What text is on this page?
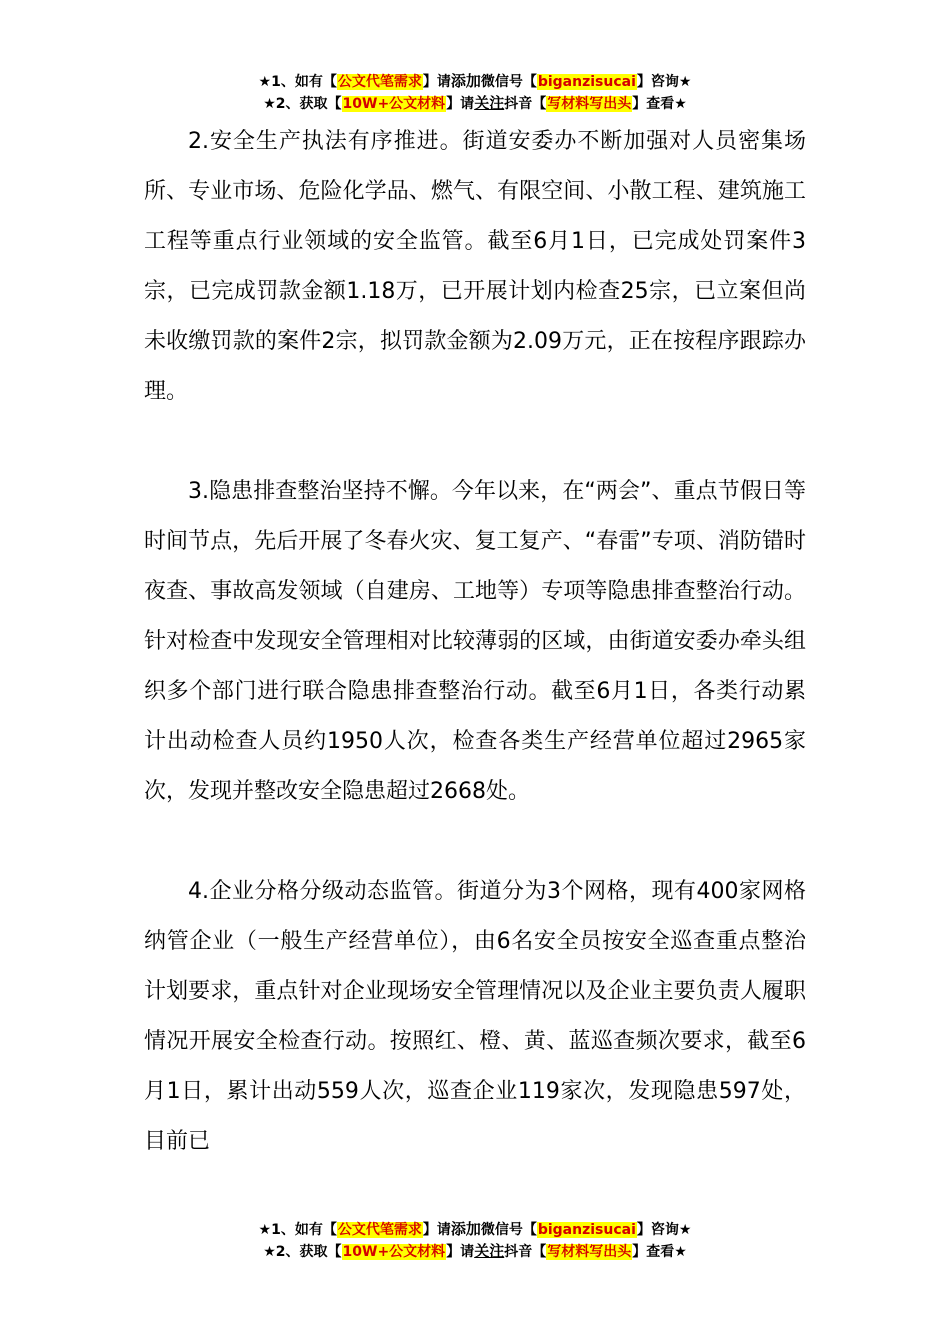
★1、如有【公文代笔需求】请添加微信号【biganzisucai】咨询★
★2、获取【10W+公文材料】请关注抖音【写材料写出头】查看★

2.安全生产执法有序推进。街道安委办不断加强对人员密集场所、专业市场、危险化学品、燃气、有限空间、小散工程、建筑施工工程等重点行业领域的安全监管。截至6月1日，已完成处罚案件3宗，已完成罚款金额1.18万，已开展计划内检查25宗，已立案但尚未收缴罚款的案件2宗，拟罚款金额为2.09万元，正在按程序跟踪办理。

3.隐患排查整治坚持不懈。今年以来，在“两会”、重点节假日等时间节点，先后开展了冬春火灾、复工复产、“春雷”专项、消防错时夜查、事故高发领域（自建房、工地等）专项等隐患排查整治行动。针对检查中发现安全管理相对比较薄弱的区域，由街道安委办牵头组织多个部门进行联合隐患排查整治行动。截至6月1日，各类行动累计出动检查人员约1950人次，检查各类生产经营单位超过2965家次，发现并整改安全隐患超过2668处。

4.企业分格分级动态监管。街道分为3个网格，现有400家网格纳管企业（一般生产经营单位），由6名安全员按安全巡查重点整治计划要求，重点针对企业现场安全管理情况以及企业主要负责人履职情况开展安全检查行动。按照红、橙、黄、蓝巡查频次要求，截至6月1日，累计出动559人次，巡查企业119家次，发现隐患597处，目前已

★1、如有【公文代笔需求】请添加微信号【biganzisucai】咨询★
★2、获取【10W+公文材料】请关注抖音【写材料写出头】查看★
